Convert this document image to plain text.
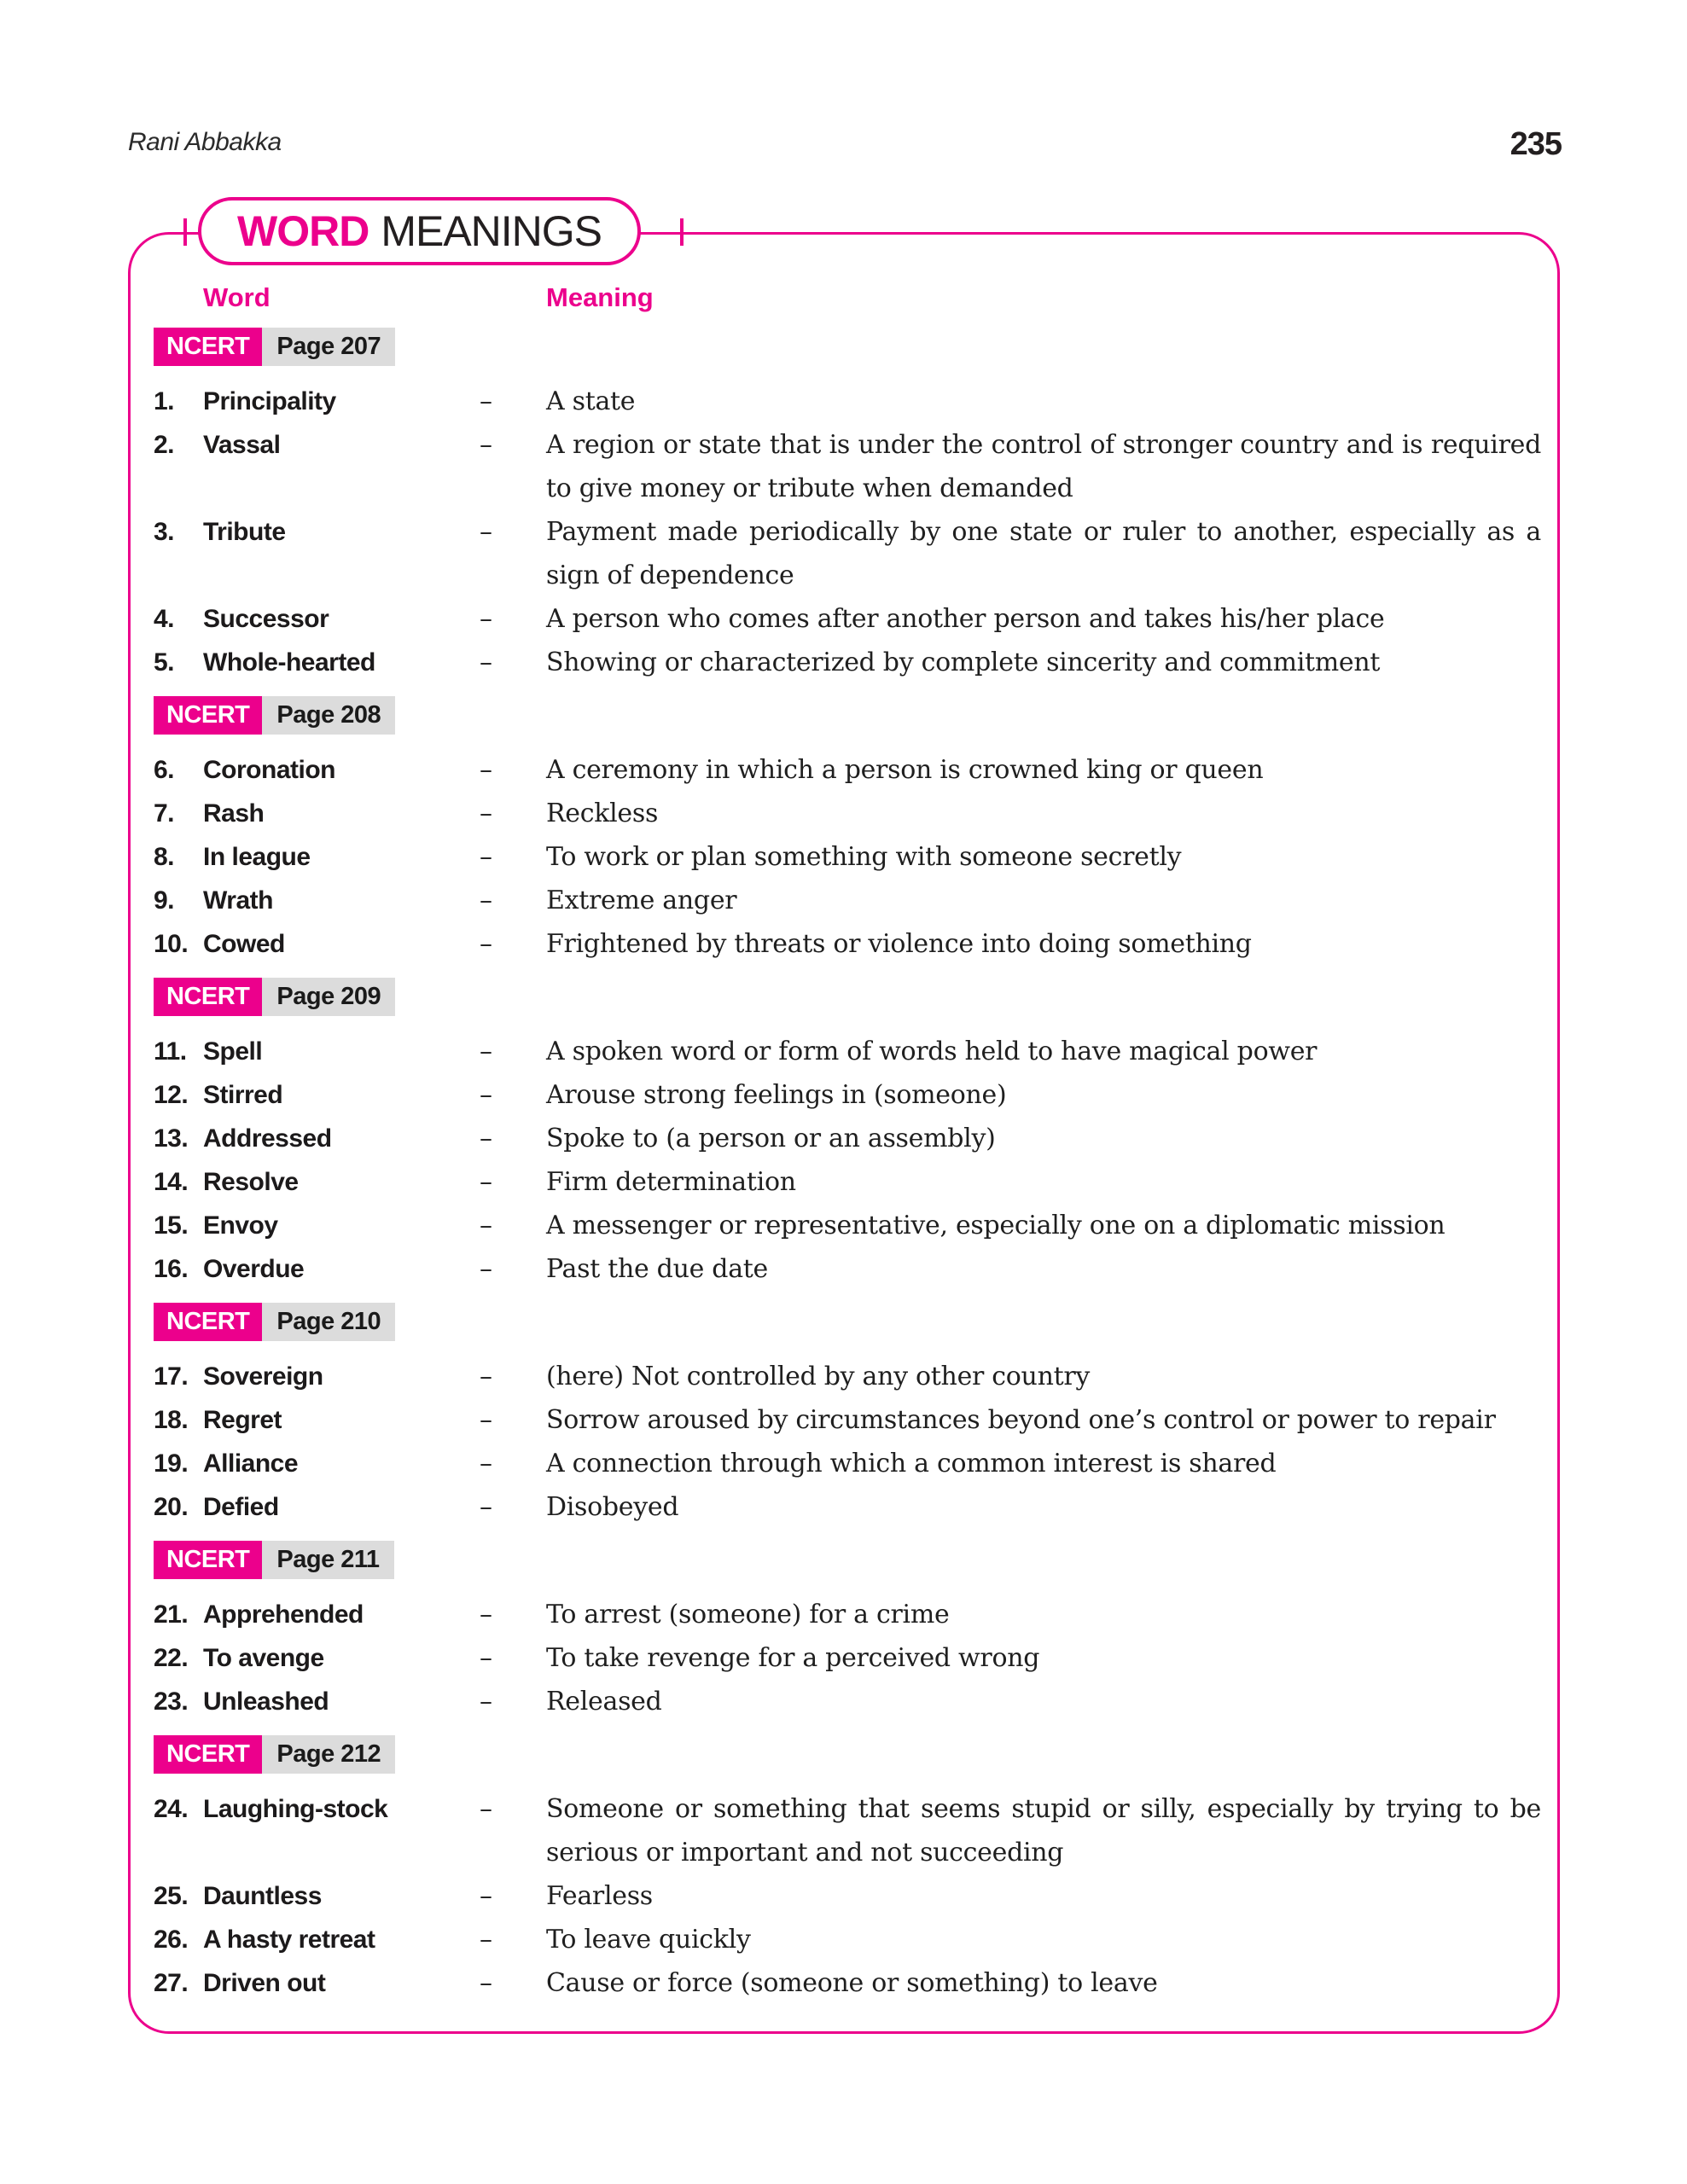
Rani Abbakka	235
WORD MEANINGS
Word	Meaning
NCERT	Page 207
1.	Principality	–	A state
2.	Vassal	–	A region or state that is under the control of stronger country and is required to give money or tribute when demanded
3.	Tribute	–	Payment made periodically by one state or ruler to another, especially as a sign of dependence
4.	Successor	–	A person who comes after another person and takes his/her place
5.	Whole-hearted	–	Showing or characterized by complete sincerity and commitment
NCERT	Page 208
6.	Coronation	–	A ceremony in which a person is crowned king or queen
7.	Rash	–	Reckless
8.	In league	–	To work or plan something with someone secretly
9.	Wrath	–	Extreme anger
10. Cowed	–	Frightened by threats or violence into doing something
NCERT	Page 209
11. Spell	–	A spoken word or form of words held to have magical power
12. Stirred	–	Arouse strong feelings in (someone)
13. Addressed	–	Spoke to (a person or an assembly)
14. Resolve	–	Firm determination
15. Envoy	–	A messenger or representative, especially one on a diplomatic mission
16. Overdue	–	Past the due date
NCERT	Page 210
17. Sovereign	–	(here) Not controlled by any other country
18. Regret	–	Sorrow aroused by circumstances beyond one’s control or power to repair
19. Alliance	–	A connection through which a common interest is shared
20. Defied	–	Disobeyed
NCERT	Page 211
21. Apprehended	–	To arrest (someone) for a crime
22. To avenge	–	To take revenge for a perceived wrong
23. Unleashed	–	Released
NCERT	Page 212
24. Laughing-stock	–	Someone or something that seems stupid or silly, especially by trying to be serious or important and not succeeding
25. Dauntless	–	Fearless
26. A hasty retreat	–	To leave quickly
27. Driven out	–	Cause or force (someone or something) to leave
